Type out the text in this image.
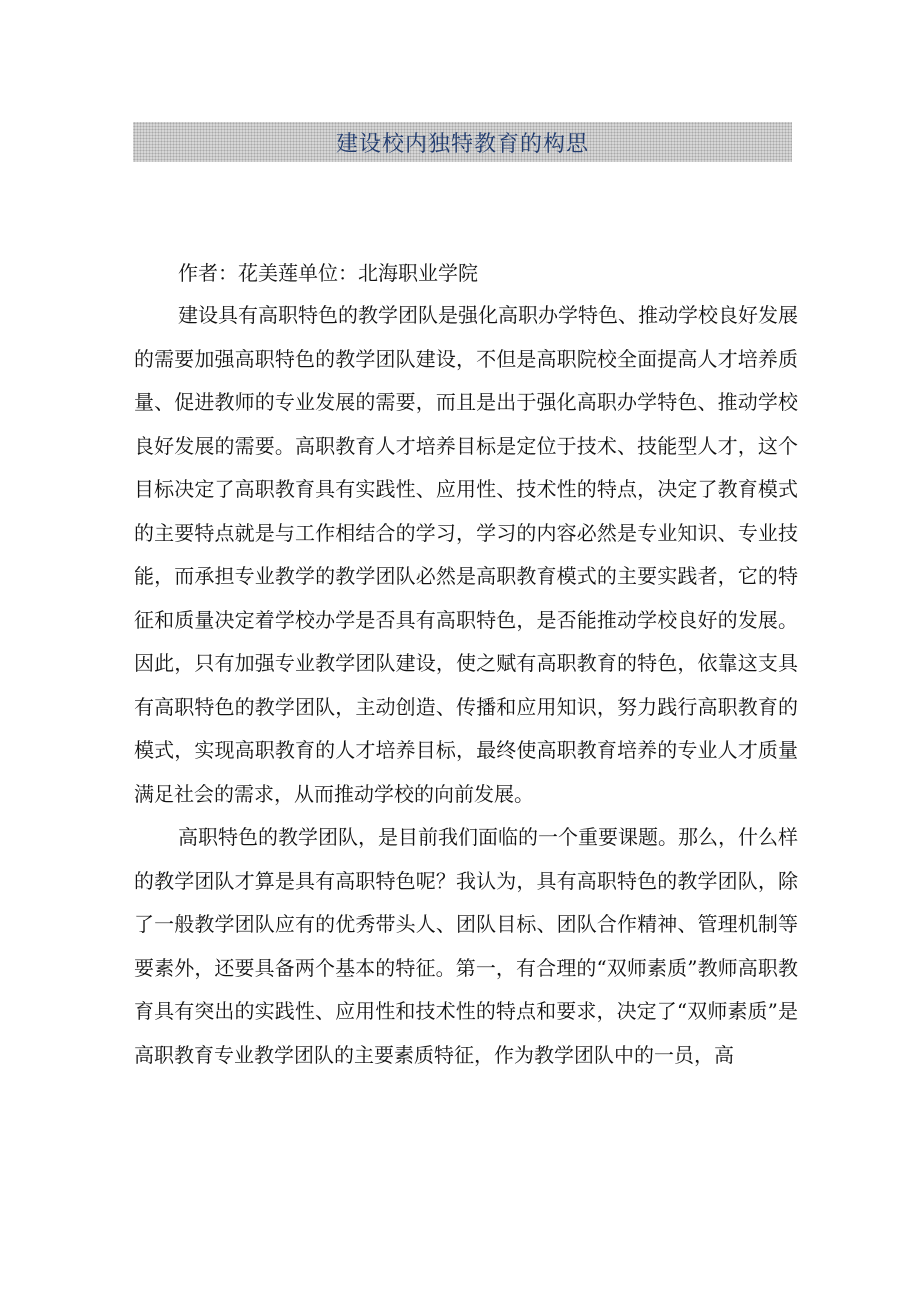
建设校内独特教育的构思

作者：花美莲单位：北海职业学院

建设具有高职特色的教学团队是强化高职办学特色、推动学校良好发展的需要加强高职特色的教学团队建设，不但是高职院校全面提高人才培养质量、促进教师的专业发展的需要，而且是出于强化高职办学特色、推动学校良好发展的需要。高职教育人才培养目标是定位于技术、技能型人才，这个目标决定了高职教育具有实践性、应用性、技术性的特点，决定了教育模式的主要特点就是与工作相结合的学习，学习的内容必然是专业知识、专业技能，而承担专业教学的教学团队必然是高职教育模式的主要实践者，它的特征和质量决定着学校办学是否具有高职特色，是否能推动学校良好的发展。因此，只有加强专业教学团队建设，使之赋有高职教育的特色，依靠这支具有高职特色的教学团队，主动创造、传播和应用知识，努力践行高职教育的模式，实现高职教育的人才培养目标，最终使高职教育培养的专业人才质量满足社会的需求，从而推动学校的向前发展。

高职特色的教学团队，是目前我们面临的一个重要课题。那么，什么样的教学团队才算是具有高职特色呢？我认为，具有高职特色的教学团队，除了一般教学团队应有的优秀带头人、团队目标、团队合作精神、管理机制等要素外，还要具备两个基本的特征。第一，有合理的“双师素质”教师高职教育具有突出的实践性、应用性和技术性的特点和要求，决定了“双师素质”是高职教育专业教学团队的主要素质特征，作为教学团队中的一员，高
